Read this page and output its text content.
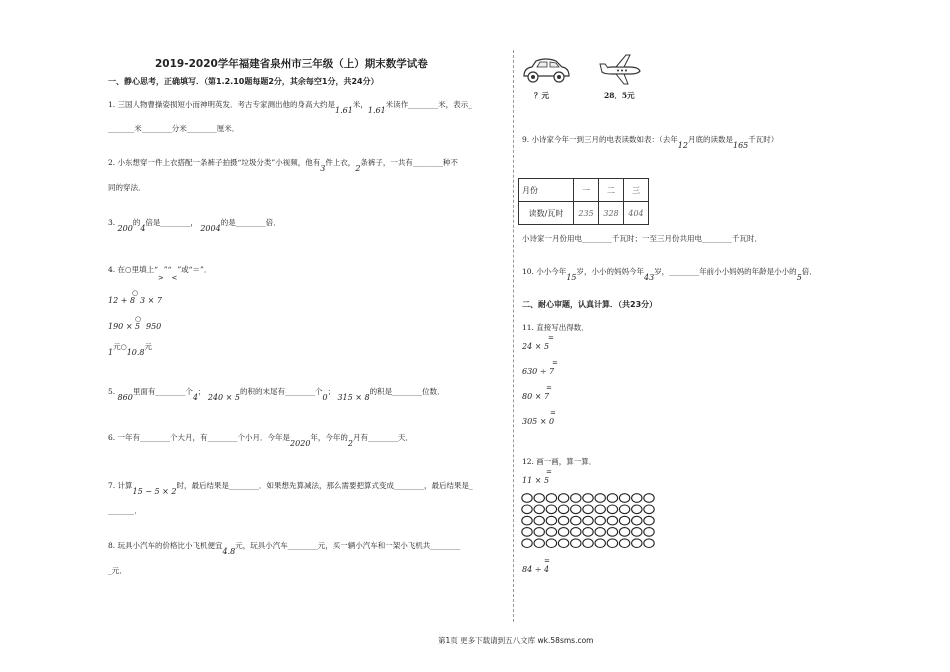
2019-2020学年福建省泉州市三年级（上）期末数学试卷
一、静心思考，正确填写．（第1.2.10题每题2分，其余每空1分，共24分）
1. 三国人物曹操姿损短小而神明英发．考古专家测出他的身高大约是1.61米，1.61米读作________米，表示_
_______米________分米________厘米．
2. 小东想穿一件上衣搭配一条裤子拍摄“垃圾分类”小视频，他有3件上衣，2条裤子，一共有________种不
同的穿法．
3. 200的4倍是________， 2004的是________倍．
4. 在○里填上“>”“<”或“＝”．
12 + 8
○
3 × 7
190 × 5
○
950
1元○10.8元
5. 860里面有________个4； 240 × 5的积的末尾有________个0； 315 × 8的积是________位数．
6. 一年有________个大月，有________个小月．今年是2020年，今年的2月有________天．
7. 计算15 − 5 × 2时，最后结果是________．如果想先算减法，那么需要把算式变成________，最后结果是_
_______．
8. 玩具小汽车的价格比小飞机便宜4.8元，玩具小汽车________元，买一辆小汽车和一架小飞机共________
_元．
？元	28．5元
9. 小诗家今年一到三月的电表读数如表：（去年12月底的读数是165千瓦时）
月份	一	二	三
读数/瓦时	235	328	404
小诗家一月份用电________千瓦时；一至三月份共用电________千瓦时．
10. 小小今年15岁，小小的妈妈今年43岁，________年前小小妈妈的年龄是小小的5倍．
二、耐心审题，认真计算．（共23分）
11. 直接写出得数．
=
24 × 5
=
630 ÷ 7
=
80 × 7
=
305 × 0
12. 画一画，算一算．
=
11 × 5
=
84 ÷ 4
第1页 更多下载请到五八文库 wk.58sms.com
